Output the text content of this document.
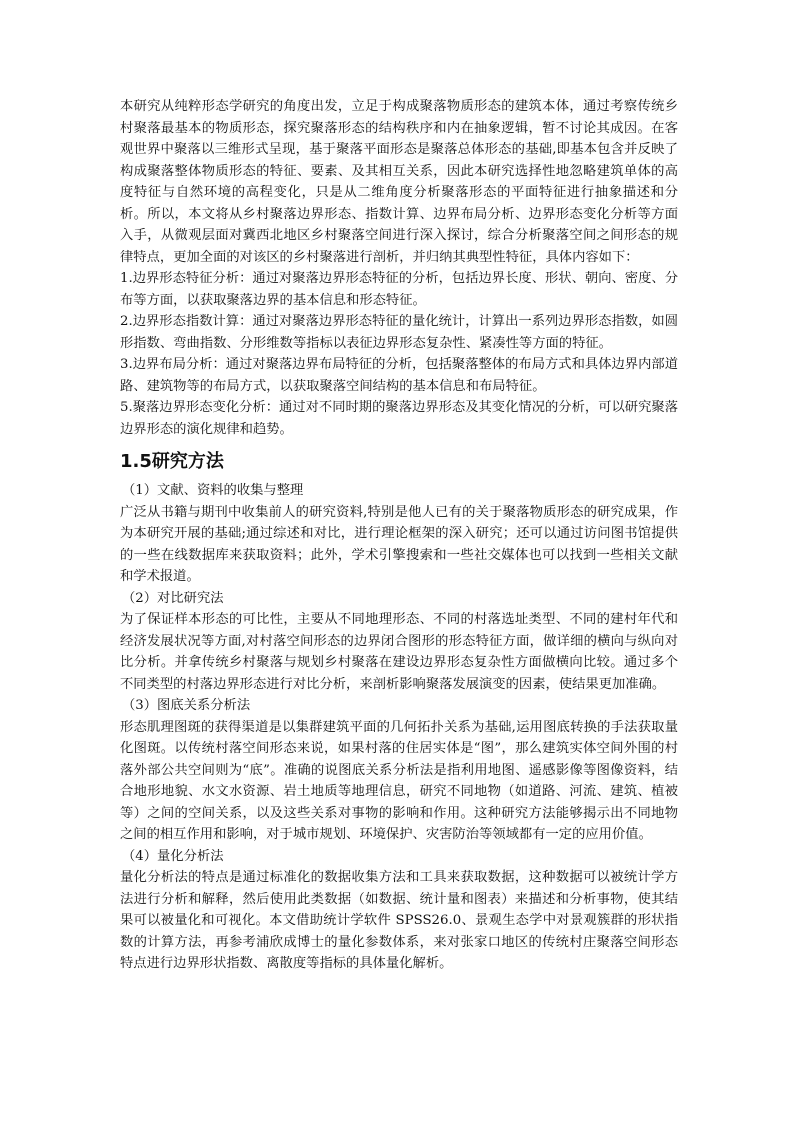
本研究从纯粹形态学研究的角度出发，立足于构成聚落物质形态的建筑本体，通过考察传统乡村聚落最基本的物质形态，探究聚落形态的结构秩序和内在抽象逻辑，暂不讨论其成因。在客观世界中聚落以三维形式呈现，基于聚落平面形态是聚落总体形态的基础,即基本包含并反映了构成聚落整体物质形态的特征、要素、及其相互关系，因此本研究选择性地忽略建筑单体的高度特征与自然环境的高程变化，只是从二维角度分析聚落形态的平面特征进行抽象描述和分析。所以，本文将从乡村聚落边界形态、指数计算、边界布局分析、边界形态变化分析等方面入手，从微观层面对冀西北地区乡村聚落空间进行深入探讨，综合分析聚落空间之间形态的规律特点，更加全面的对该区的乡村聚落进行剖析，并归纳其典型性特征，具体内容如下：

1.边界形态特征分析：通过对聚落边界形态特征的分析，包括边界长度、形状、朝向、密度、分布等方面，以获取聚落边界的基本信息和形态特征。

2.边界形态指数计算：通过对聚落边界形态特征的量化统计，计算出一系列边界形态指数，如圆形指数、弯曲指数、分形维数等指标以表征边界形态复杂性、紧凑性等方面的特征。

3.边界布局分析：通过对聚落边界布局特征的分析，包括聚落整体的布局方式和具体边界内部道路、建筑物等的布局方式，以获取聚落空间结构的基本信息和布局特征。

5.聚落边界形态变化分析：通过对不同时期的聚落边界形态及其变化情况的分析，可以研究聚落边界形态的演化规律和趋势。

1.5研究方法

（1）文献、资料的收集与整理

广泛从书籍与期刊中收集前人的研究资料,特别是他人已有的关于聚落物质形态的研究成果，作为本研究开展的基础;通过综述和对比，进行理论框架的深入研究；还可以通过访问图书馆提供的一些在线数据库来获取资料；此外，学术引擎搜索和一些社交媒体也可以找到一些相关文献和学术报道。

（2）对比研究法

为了保证样本形态的可比性，主要从不同地理形态、不同的村落选址类型、不同的建村年代和经济发展状况等方面,对村落空间形态的边界闭合图形的形态特征方面，做详细的横向与纵向对比分析。并拿传统乡村聚落与规划乡村聚落在建设边界形态复杂性方面做横向比较。通过多个不同类型的村落边界形态进行对比分析，来剖析影响聚落发展演变的因素，使结果更加准确。

（3）图底关系分析法

形态肌理图斑的获得渠道是以集群建筑平面的几何拓扑关系为基础,运用图底转换的手法获取量化图斑。以传统村落空间形态来说，如果村落的住居实体是“图”，那么建筑实体空间外围的村落外部公共空间则为“底”。准确的说图底关系分析法是指利用地图、遥感影像等图像资料，结合地形地貌、水文水资源、岩土地质等地理信息，研究不同地物（如道路、河流、建筑、植被等）之间的空间关系，以及这些关系对事物的影响和作用。这种研究方法能够揭示出不同地物之间的相互作用和影响，对于城市规划、环境保护、灾害防治等领域都有一定的应用价值。

（4）量化分析法

量化分析法的特点是通过标准化的数据收集方法和工具来获取数据，这种数据可以被统计学方法进行分析和解释，然后使用此类数据（如数据、统计量和图表）来描述和分析事物，使其结果可以被量化和可视化。本文借助统计学软件 SPSS26.0、景观生态学中对景观簇群的形状指数的计算方法，再参考浦欣成博士的量化参数体系，来对张家口地区的传统村庄聚落空间形态特点进行边界形状指数、离散度等指标的具体量化解析。
